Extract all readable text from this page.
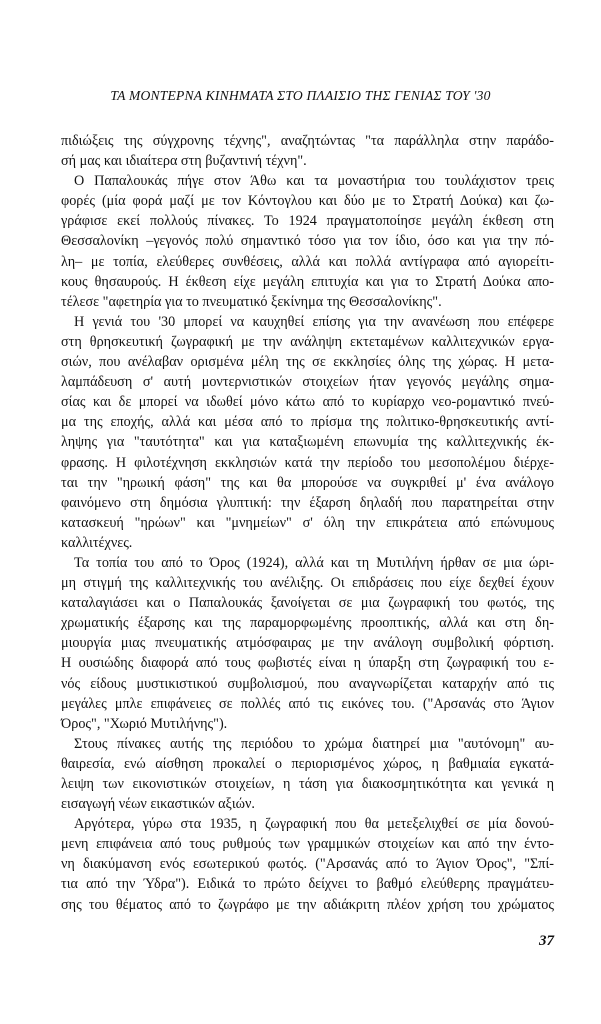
ΤΑ ΜΟΝΤΕΡΝΑ ΚΙΝΗΜΑΤΑ ΣΤΟ ΠΛΑΙΣΙΟ ΤΗΣ ΓΕΝΙΑΣ ΤΟΥ '30
πιδιώξεις της σύγχρονης τέχνης", αναζητώντας "τα παράλληλα στην παράδο-
σή μας και ιδιαίτερα στη βυζαντινή τέχνη".
Ο Παπαλουκάς πήγε στον Άθω και τα μοναστήρια του τουλάχιστον τρεις
φορές (μία φορά μαζί με τον Κόντογλου και δύο με το Στρατή Δούκα) και ζω-
γράφισε εκεί πολλούς πίνακες. Το 1924 πραγματοποίησε μεγάλη έκθεση στη
Θεσσαλονίκη –γεγονός πολύ σημαντικό τόσο για τον ίδιο, όσο και για την πό-
λη– με τοπία, ελεύθερες συνθέσεις, αλλά και πολλά αντίγραφα από αγιορείτι-
κους θησαυρούς. Η έκθεση είχε μεγάλη επιτυχία και για το Στρατή Δούκα απο-
τέλεσε "αφετηρία για το πνευματικό ξεκίνημα της Θεσσαλονίκης".
Η γενιά του '30 μπορεί να καυχηθεί επίσης για την ανανέωση που επέφερε
στη θρησκευτική ζωγραφική με την ανάληψη εκτεταμένων καλλιτεχνικών εργα-
σιών, που ανέλαβαν ορισμένα μέλη της σε εκκλησίες όλης της χώρας. Η μετα-
λαμπάδευση σ' αυτή μοντερνιστικών στοιχείων ήταν γεγονός μεγάλης σημα-
σίας και δε μπορεί να ιδωθεί μόνο κάτω από το κυρίαρχο νεο-ρομαντικό πνεύ-
μα της εποχής, αλλά και μέσα από το πρίσμα της πολιτικο-θρησκευτικής αντί-
ληψης για "ταυτότητα" και για καταξιωμένη επωνυμία της καλλιτεχνικής έκ-
φρασης. Η φιλοτέχνηση εκκλησιών κατά την περίοδο του μεσοπολέμου διέρχε-
ται την "ηρωική φάση" της και θα μπορούσε να συγκριθεί μ' ένα ανάλογο
φαινόμενο στη δημόσια γλυπτική: την έξαρση δηλαδή που παρατηρείται στην
κατασκευή "ηρώων" και "μνημείων" σ' όλη την επικράτεια από επώνυμους
καλλιτέχνες.
Τα τοπία του από το Όρος (1924), αλλά και τη Μυτιλήνη ήρθαν σε μια ώρι-
μη στιγμή της καλλιτεχνικής του ανέλιξης. Οι επιδράσεις που είχε δεχθεί έχουν
καταλαγιάσει και ο Παπαλουκάς ξανοίγεται σε μια ζωγραφική του φωτός, της
χρωματικής έξαρσης και της παραμορφωμένης προοπτικής, αλλά και στη δη-
μιουργία μιας πνευματικής ατμόσφαιρας με την ανάλογη συμβολική φόρτιση.
Η ουσιώδης διαφορά από τους φωβιστές είναι η ύπαρξη στη ζωγραφική του ε-
νός είδους μυστικιστικού συμβολισμού, που αναγνωρίζεται καταρχήν από τις
μεγάλες μπλε επιφάνειες σε πολλές από τις εικόνες του. ("Αρσανάς στο Άγιον
Όρος", "Χωριό Μυτιλήνης").
Στους πίνακες αυτής της περιόδου το χρώμα διατηρεί μια "αυτόνομη" αυ-
θαιρεσία, ενώ αίσθηση προκαλεί ο περιορισμένος χώρος, η βαθμιαία εγκατά-
λειψη των εικονιστικών στοιχείων, η τάση για διακοσμητικότητα και γενικά η
εισαγωγή νέων εικαστικών αξιών.
Αργότερα, γύρω στα 1935, η ζωγραφική που θα μετεξελιχθεί σε μία δονού-
μενη επιφάνεια από τους ρυθμούς των γραμμικών στοιχείων και από την έντο-
νη διακύμανση ενός εσωτερικού φωτός. ("Αρσανάς από το Άγιον Όρος", "Σπί-
τια από την Ύδρα"). Ειδικά το πρώτο δείχνει το βαθμό ελεύθερης πραγμάτευ-
σης του θέματος από το ζωγράφο με την αδιάκριτη πλέον χρήση του χρώματος
37
